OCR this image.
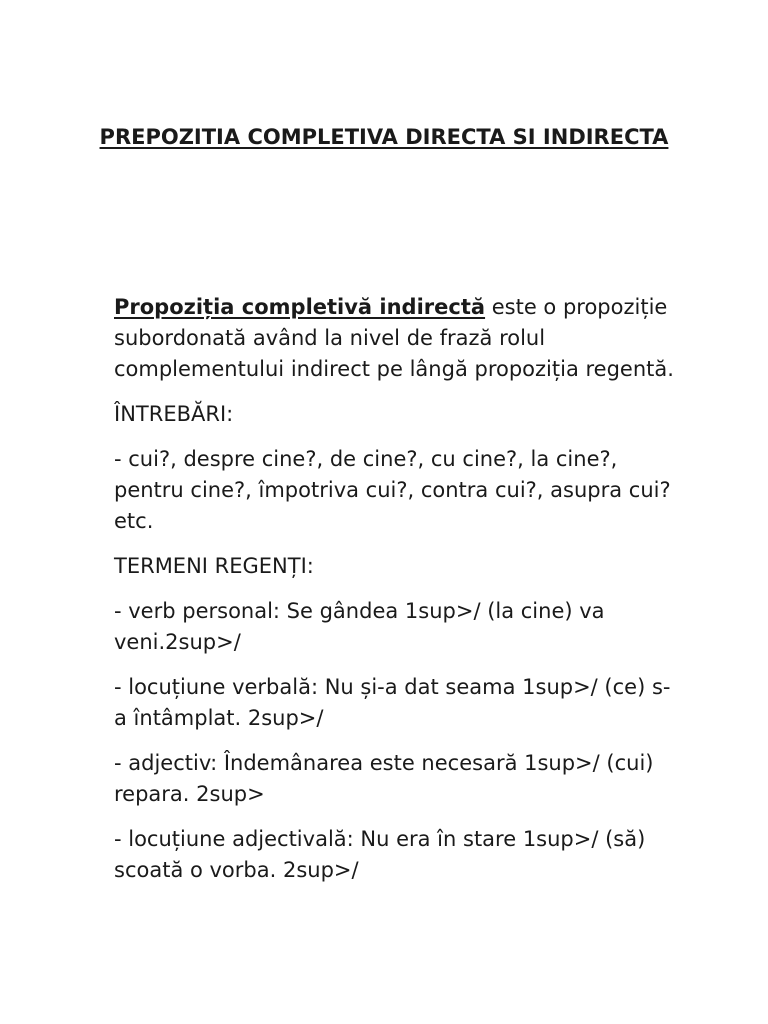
PREPOZITIA COMPLETIVA DIRECTA SI INDIRECTA

Propoziția completivă indirectă este o propoziție subordonată având la nivel de frază rolul complementului indirect pe lângă propoziția regentă.

ÎNTREBĂRI:

- cui?, despre cine?, de cine?, cu cine?, la cine?, pentru cine?, împotriva cui?, contra cui?, asupra cui? etc.

TERMENI REGENȚI:

- verb personal: Se gândea 1sup>/ (la cine) va veni.2sup>/

- locuțiune verbală: Nu și-a dat seama 1sup>/ (ce) s-a întâmplat. 2sup>/

- adjectiv: Îndemânarea este necesară 1sup>/ (cui) repara. 2sup>

- locuțiune adjectivală: Nu era în stare 1sup>/ (să) scoată o vorba. 2sup>/
